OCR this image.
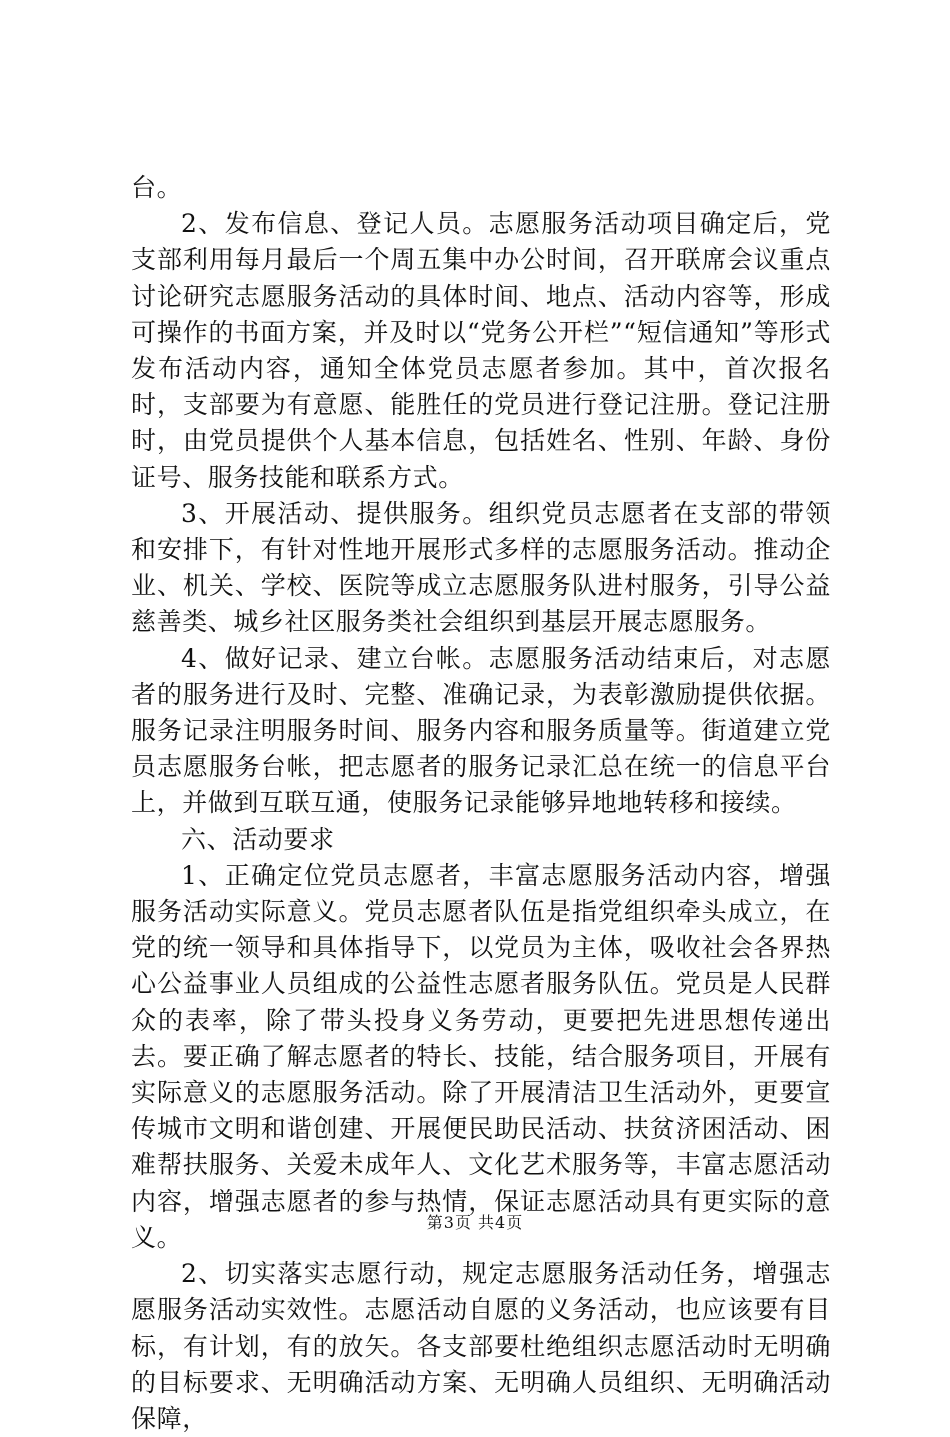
台。

2、发布信息、登记人员。志愿服务活动项目确定后，党支部利用每月最后一个周五集中办公时间，召开联席会议重点讨论研究志愿服务活动的具体时间、地点、活动内容等，形成可操作的书面方案，并及时以“党务公开栏”“短信通知”等形式发布活动内容，通知全体党员志愿者参加。其中，首次报名时，支部要为有意愿、能胜任的党员进行登记注册。登记注册时，由党员提供个人基本信息，包括姓名、性别、年龄、身份证号、服务技能和联系方式。

3、开展活动、提供服务。组织党员志愿者在支部的带领和安排下，有针对性地开展形式多样的志愿服务活动。推动企业、机关、学校、医院等成立志愿服务队进村服务，引导公益慈善类、城乡社区服务类社会组织到基层开展志愿服务。

4、做好记录、建立台帐。志愿服务活动结束后，对志愿者的服务进行及时、完整、准确记录，为表彰激励提供依据。服务记录注明服务时间、服务内容和服务质量等。街道建立党员志愿服务台帐，把志愿者的服务记录汇总在统一的信息平台上，并做到互联互通，使服务记录能够异地地转移和接续。

六、活动要求

1、正确定位党员志愿者，丰富志愿服务活动内容，增强服务活动实际意义。党员志愿者队伍是指党组织牵头成立，在党的统一领导和具体指导下，以党员为主体，吸收社会各界热心公益事业人员组成的公益性志愿者服务队伍。党员是人民群众的表率，除了带头投身义务劳动，更要把先进思想传递出去。要正确了解志愿者的特长、技能，结合服务项目，开展有实际意义的志愿服务活动。除了开展清洁卫生活动外，更要宣传城市文明和谐创建、开展便民助民活动、扶贫济困活动、困难帮扶服务、关爱未成年人、文化艺术服务等，丰富志愿活动内容，增强志愿者的参与热情，保证志愿活动具有更实际的意义。

2、切实落实志愿行动，规定志愿服务活动任务，增强志愿服务活动实效性。志愿活动自愿的义务活动，也应该要有目标，有计划，有的放矢。各支部要杜绝组织志愿活动时无明确的目标要求、无明确活动方案、无明确人员组织、无明确活动保障，

第3页 共4页
